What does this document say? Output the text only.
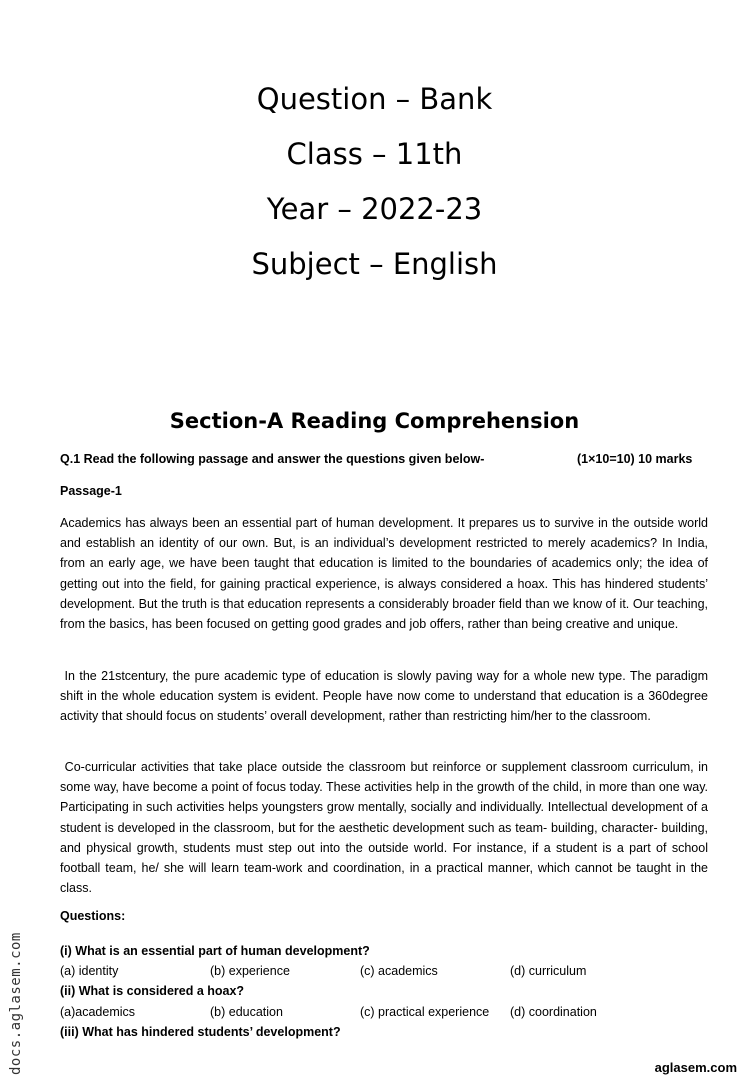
Question – Bank
Class – 11th
Year – 2022-23
Subject – English
Section-A Reading Comprehension
Q.1 Read the following passage and answer the questions given below-	(1×10=10) 10 marks
Passage-1

Academics has always been an essential part of human development. It prepares us to survive in the outside world and establish an identity of our own. But, is an individual’s development restricted to merely academics? In India, from an early age, we have been taught that education is limited to the boundaries of academics only; the idea of getting out into the field, for gaining practical experience, is always considered a hoax. This has hindered students’ development. But the truth is that education represents a considerably broader field than we know of it. Our teaching, from the basics, has been focused on getting good grades and job offers, rather than being creative and unique.

In the 21stcentury, the pure academic type of education is slowly paving way for a whole new type. The paradigm shift in the whole education system is evident. People have now come to understand that education is a 360degree activity that should focus on students’ overall development, rather than restricting him/her to the classroom.

Co-curricular activities that take place outside the classroom but reinforce or supplement classroom curriculum, in some way, have become a point of focus today. These activities help in the growth of the child, in more than one way. Participating in such activities helps youngsters grow mentally, socially and individually. Intellectual development of a student is developed in the classroom, but for the aesthetic development such as team- building, character- building, and physical growth, students must step out into the outside world. For instance, if a student is a part of school football team, he/ she will learn team-work and coordination, in a practical manner, which cannot be taught in the class.

Questions:
(i) What is an essential part of human development?
(a) identity	(b) experience	(c) academics	(d) curriculum
(ii) What is considered a hoax?
(a)academics	(b) education	(c) practical experience (d) coordination
(iii) What has hindered students’ development?
docs.aglasem.com	aglasem.com
